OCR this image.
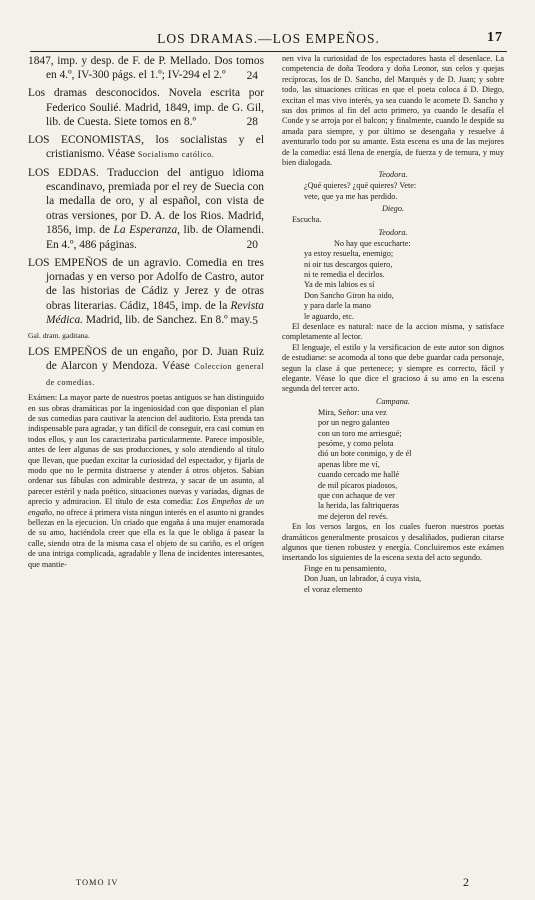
LOS DRAMAS.—LOS EMPEÑOS.	17

1847, imp. y desp. de F. de P. Mellado. Dos tomos en 4.º, IV-300 págs. el 1.º; IV-294 el 2.º	24

Los dramas desconocidos. Novela escrita por Federico Soulié. Madrid, 1849, imp. de G. Gil, lib. de Cuesta. Siete tomos en 8.º	28

LOS ECONOMISTAS, los socialistas y el cristianismo. Véase Socialismo católico.

LOS EDDAS. Traduccion del antiguo idioma escandinavo, premiada por el rey de Suecia con la medalla de oro, y al español, con vista de otras versiones, por D. A. de los Rios. Madrid, 1856, imp. de La Esperanza, lib. de Olamendi. En 4.º, 486 páginas.	20

LOS EMPEÑOS de un agravio. Comedia en tres jornadas y en verso por Adolfo de Castro, autor de las historias de Cádiz y Jerez y de otras obras literarias. Cádiz, 1845, imp. de la Revista Médica. Madrid, lib. de Sanchez. En 8.º may. 5

Gal. dram. gaditana.

LOS EMPEÑOS de un engaño, por D. Juan Ruiz de Alarcon y Mendoza. Véase Coleccion general de comedias.

Exámen: La mayor parte de nuestros poetas antiguos se han distinguido en sus obras dramáticas por la ingeniosidad con que disponian el plan de sus comedias para cautivar la atencion del auditorio. Esta prenda tan indispensable para agradar, y tan difícil de conseguir, era casi comun en todos ellos, y aun los caracterizaba particularmente. Parece imposible, antes de leer algunas de sus producciones, y solo atendiendo al título que llevan, que puedan excitar la curiosidad del espectador, y fijarla de modo que no le permita distraerse y atender á otros objetos. Sabian ordenar sus fábulas con admirable destreza, y sacar de un asunto, al parecer estéril y nada poético, situaciones nuevas y variadas, dignas de aprecio y admiracion. El título de esta comedia: Los Empeños de un engaño, no ofrece á primera vista ningun interés en el asunto ni grandes bellezas en la ejecucion. Un criado que engaña á una mujer enamorada de su amo, haciéndola creer que ella es la que le obliga á pasear la calle, siendo otra de la misma casa el objeto de su cariño, es el orígen de una intriga complicada, agradable y llena de incidentes interesantes, que mantie-

nen viva la curiosidad de los espectadores hasta el desenlace. La competencia de doña Teodora y doña Leonor, sus celos y quejas recíprocas, los de D. Sancho, del Marqués y de D. Juan; y sobre todo, las situaciones críticas en que el poeta coloca á D. Diego, excitan el mas vivo interés, ya sea cuando le acomete D. Sancho y sus dos primos al fin del acto primero, ya cuando le desafía el Conde y se arroja por el balcon; y finalmente, cuando le despide su amada para siempre, y por último se desengaña y resuelve á aventurarlo todo por su amante. Esta escena es una de las mejores de la comedia: está llena de energía, de fuerza y de ternura, y muy bien dialogada.

Teodora.

¿Qué quieres? ¿qué quieres? Vete:
vete, que ya me has perdido.

Diego.

Escucha.

Teodora.

No hay que escucharte:
ya estoy resuelta, enemigo;
ni oir tus descargos quiero,
ni te remedia el decirlos.
Ya de mis labios es sí
Don Sancho Giron ha oido,
y para darle la mano
le aguardo, etc.

El desenlace es natural: nace de la accion misma, y satisface completamente al lector.

El lenguaje, el estilo y la versificacion de este autor son dignos de estudiarse: se acomoda al tono que debe guardar cada personaje, segun la clase á que pertenece; y siempre es correcto, fácil y elegante. Véase lo que dice el gracioso á su amo en la escena segunda del tercer acto.

Campana.

Mira, Señor: una vez
por un negro galanteo
con un toro me arriesgué;
pesóme, y como pelota
dió un bote conmigo, y de él
apenas libre me ví,
cuando cercado me hallé
de mil pícaros piadosos,
que con achaque de ver
la herida, las faltriqueras
me dejeron del revés.

En los versos largos, en los cuales fueron nuestros poetas dramáticos generalmente prosaicos y desaliñados, pudieran citarse algunos que tienen robustez y energía. Concluiremos este exámen insertando los siguientes de la escena sexta del acto segundo.

Finge en tu pensamiento,
Don Juan, un labrador, á cuya vista,
el voraz elemento
TOMO IV	2
